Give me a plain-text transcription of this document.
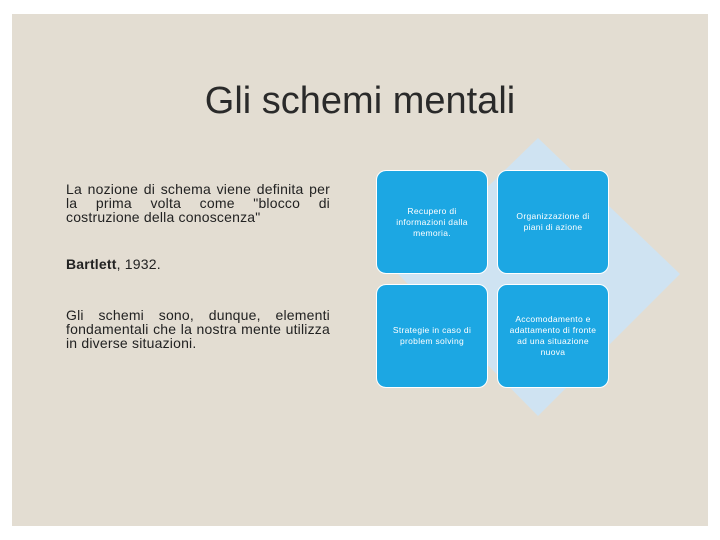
Gli schemi mentali
La nozione di schema viene definita per la prima volta come "blocco di costruzione della conoscenza"
Bartlett, 1932.
Gli schemi sono, dunque, elementi fondamentali che la nostra mente utilizza in diverse situazioni.
Recupero di informazioni dalla memoria.
Organizzazione di piani di azione
Strategie in caso di problem solving
Accomodamento e adattamento di fronte ad una situazione nuova
